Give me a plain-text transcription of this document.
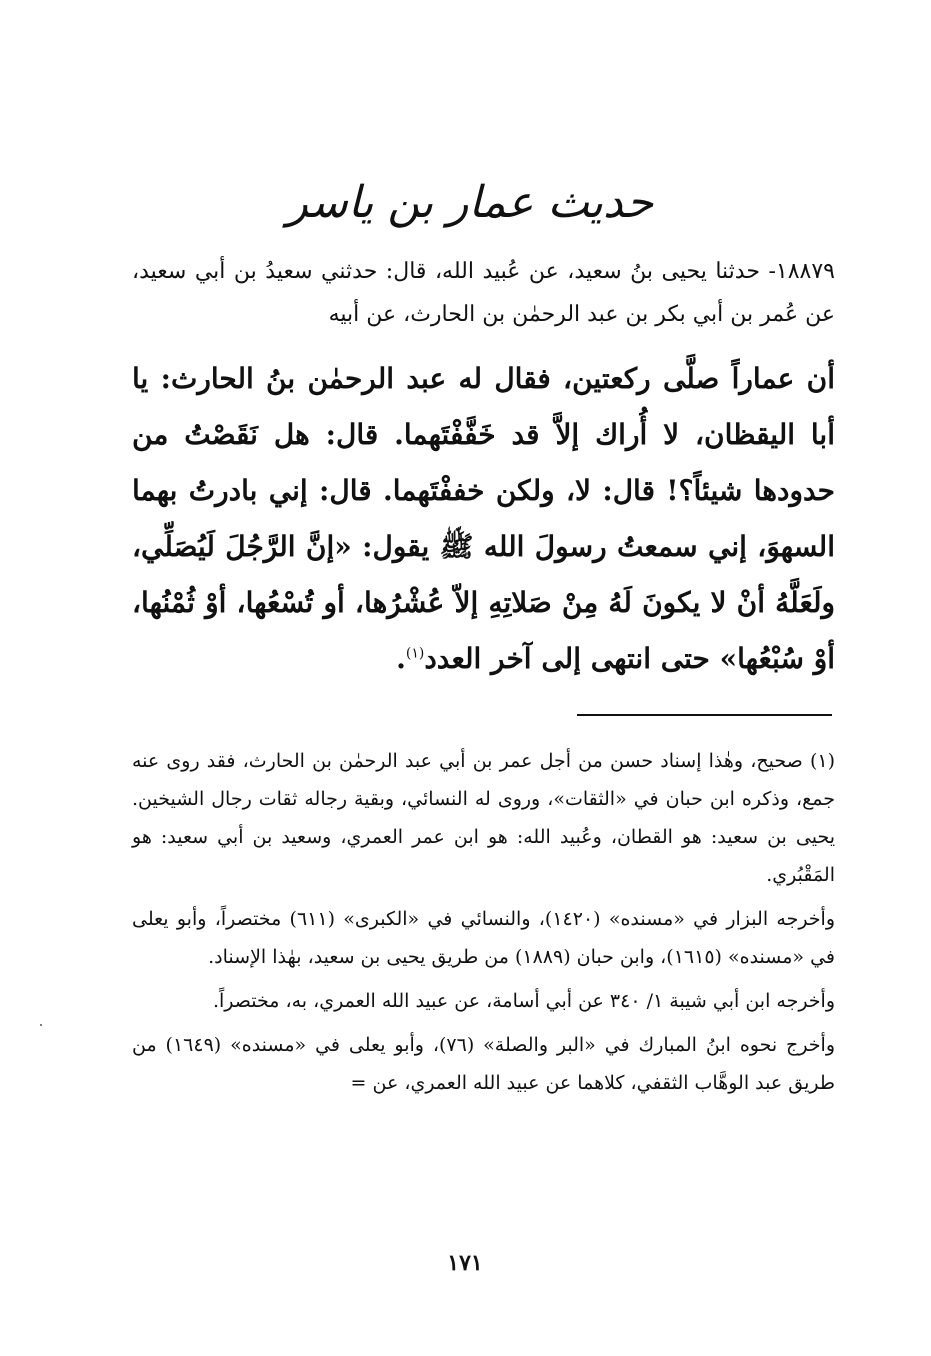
حديث عمار بن ياسر

١٨٨٧٩- حدثنا يحيى بنُ سعيد، عن عُبيد الله، قال: حدثني سعيدُ بن أبي سعيد، عن عُمر بن أبي بكر بن عبد الرحمٰن بن الحارث، عن أبيه

أن عماراً صلَّى ركعتين، فقال له عبد الرحمٰن بنُ الحارث: يا أبا اليقظان، لا أُراك إلاَّ قد خَفَّفْتَهما. قال: هل نَقَصْتُ من حدودها شيئاً؟! قال: لا، ولكن خففْتَهما. قال: إني بادرتُ بهما السهوَ، إني سمعتُ رسولَ الله ﷺ يقول: «إنَّ الرَّجُلَ لَيُصَلِّي، ولَعَلَّهُ أنْ لا يكونَ لَهُ مِنْ صَلاتِهِ إلاّ عُشْرُها، أو تُسْعُها، أوْ ثُمْنُها، أوْ سُبْعُها» حتى انتهى إلى آخر العدد$^{(١)}$.

(١) صحيح، وهٰذا إسناد حسن من أجل عمر بن أبي عبد الرحمٰن بن الحارث، فقد روى عنه جمع، وذكره ابن حبان في «الثقات»، وروى له النسائي، وبقية رجاله ثقات رجال الشيخين. يحيى بن سعيد: هو القطان، وعُبيد الله: هو ابن عمر العمري، وسعيد بن أبي سعيد: هو المَقْبُري.

وأخرجه البزار في «مسنده» (١٤٢٠)، والنسائي في «الكبرى» (٦١١) مختصراً، وأبو يعلى في «مسنده» (١٦١٥)، وابن حبان (١٨٨٩) من طريق يحيى بن سعيد، بهٰذا الإسناد.

وأخرجه ابن أبي شيبة ١/ ٣٤٠ عن أبي أسامة، عن عبيد الله العمري، به، مختصراً.

وأخرج نحوه ابنُ المبارك في «البر والصلة» (٧٦)، وأبو يعلى في «مسنده» (١٦٤٩) من طريق عبد الوهَّاب الثقفي، كلاهما عن عبيد الله العمري، عن =

١٧١
